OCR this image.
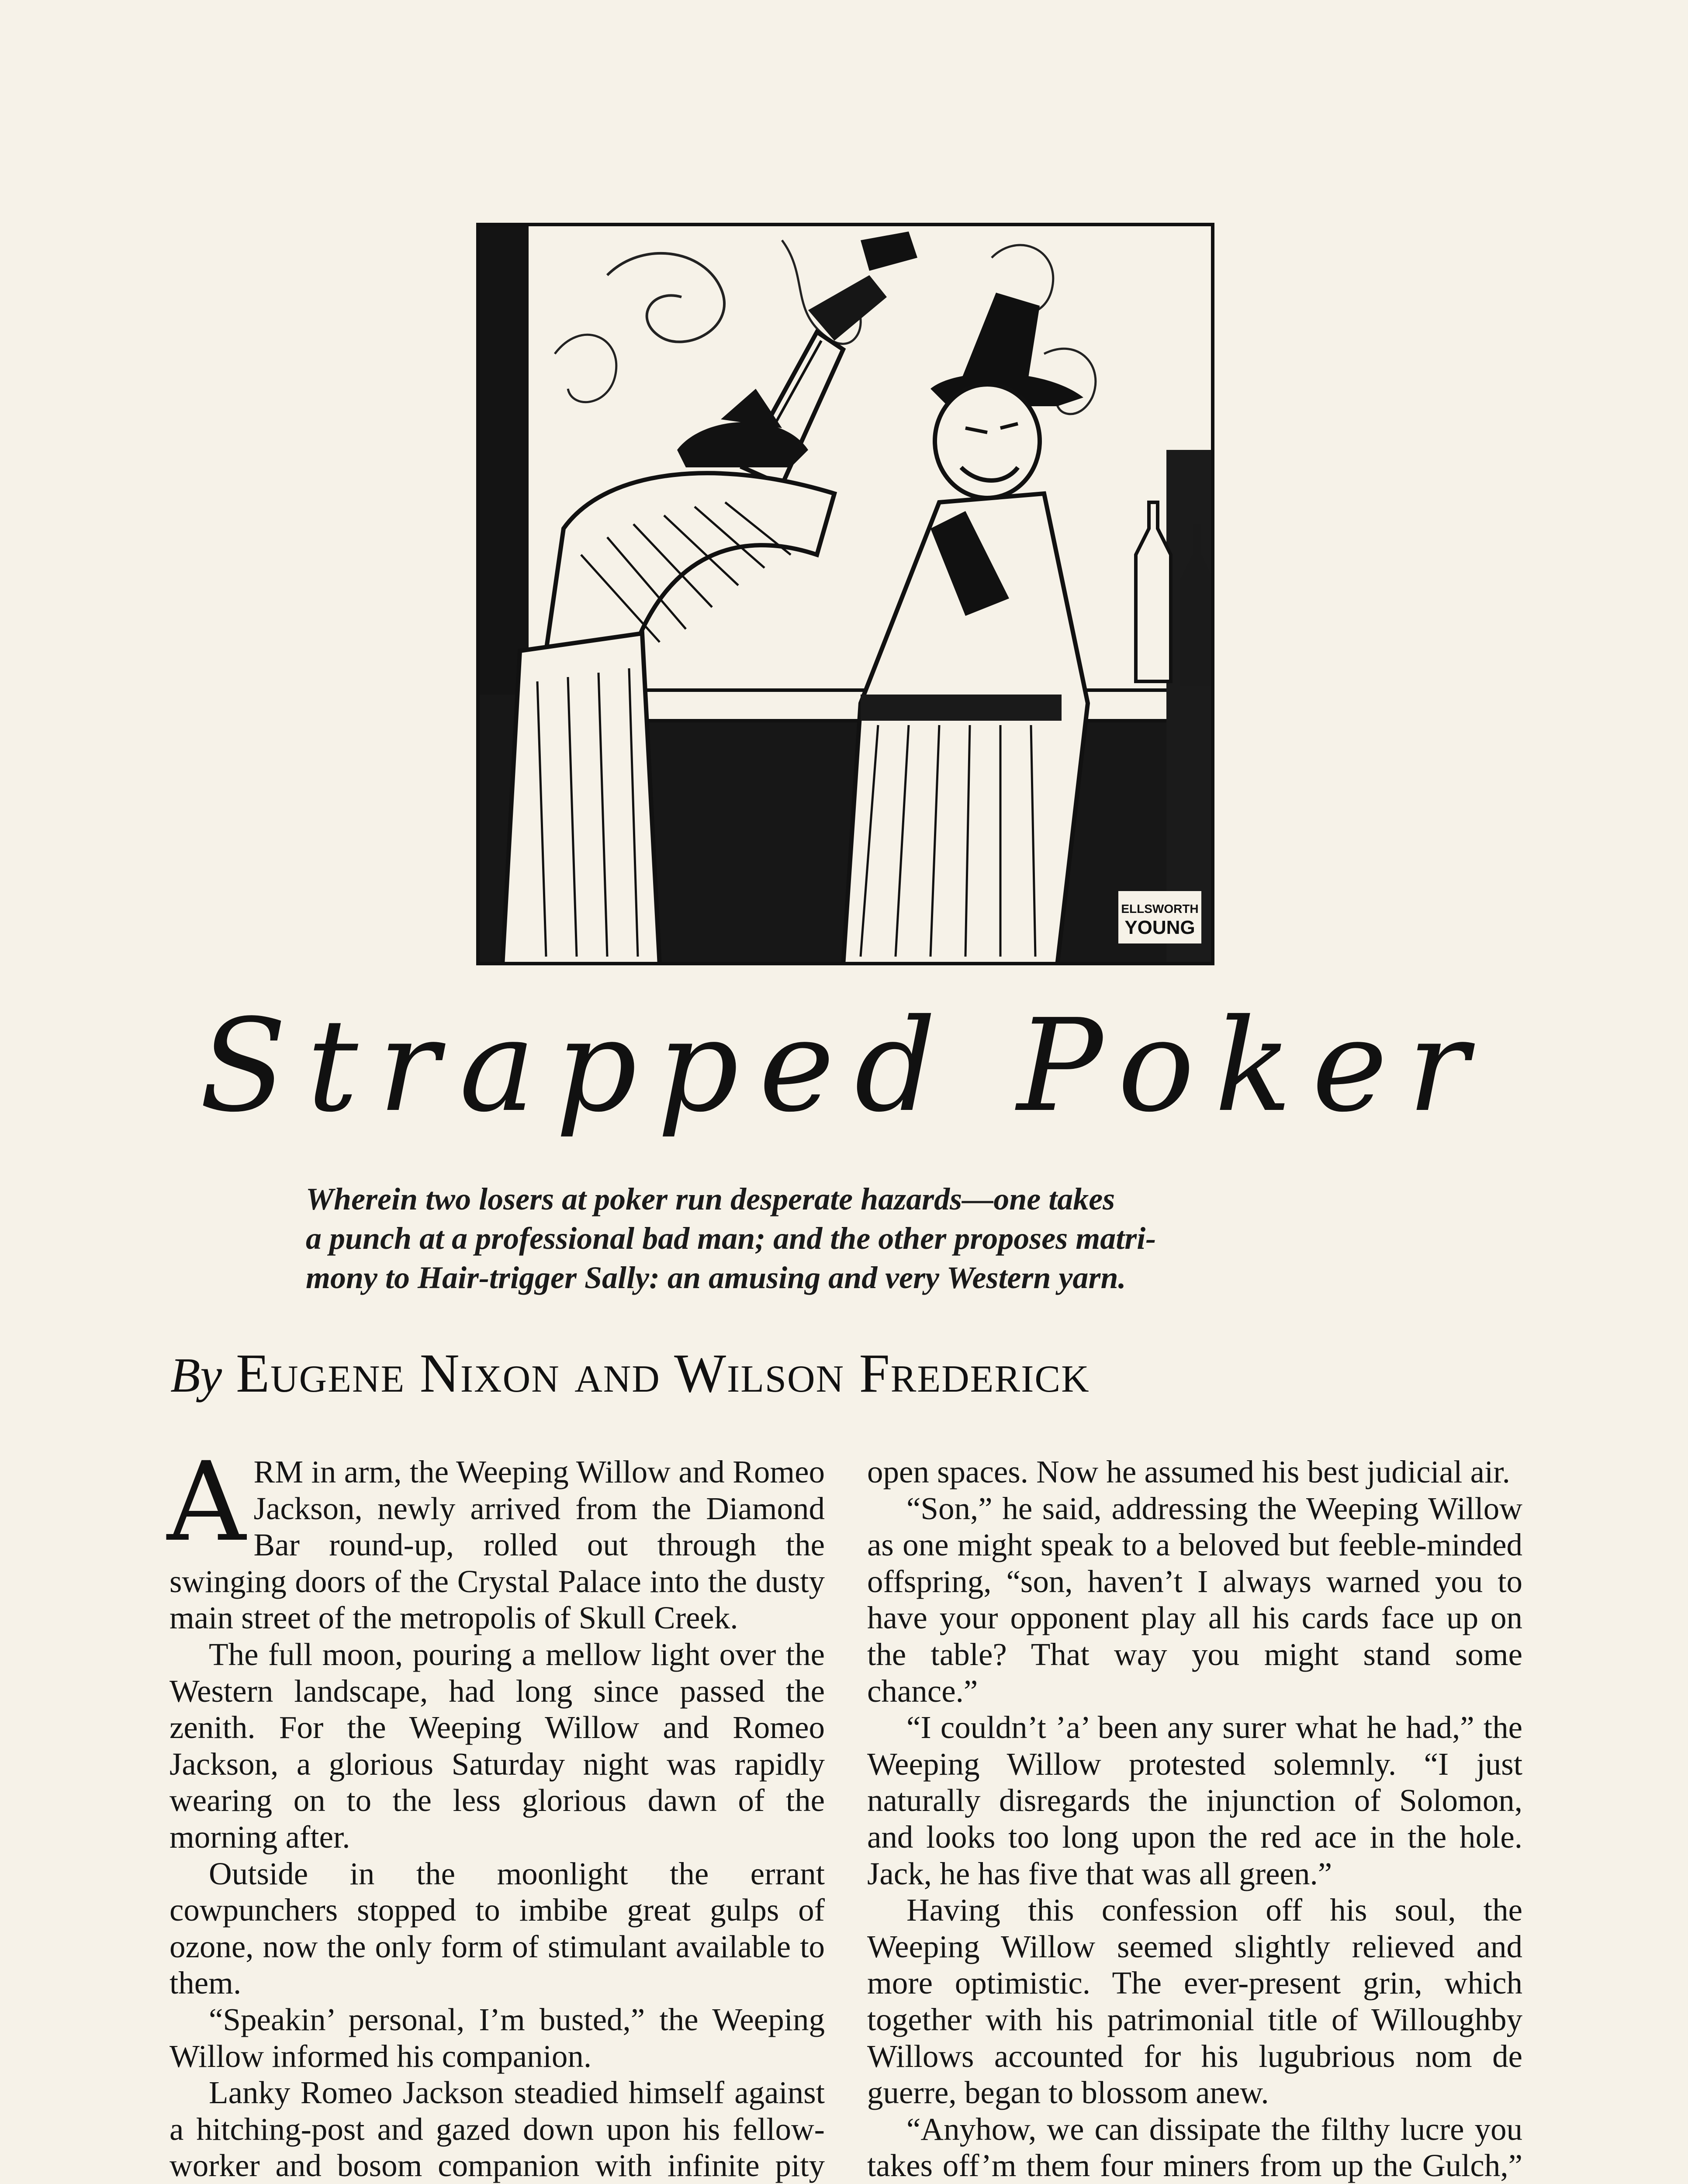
ELLSWORTH
YOUNG
Strapped Poker
Wherein two losers at poker run desperate hazards—one takes
a punch at a professional bad man; and the other proposes matri-
mony to Hair-trigger Sally: an amusing and very Western yarn.
By Eugene Nixon and Wilson Frederick

ARM in arm, the Weeping Willow and Romeo Jackson, newly arrived from the Diamond Bar round-up, rolled out through the swinging doors of the Crystal Palace into the dusty main street of the metropolis of Skull Creek.

The full moon, pouring a mellow light over the Western landscape, had long since passed the zenith. For the Weeping Willow and Romeo Jackson, a glorious Saturday night was rapidly wearing on to the less glorious dawn of the morning after.

Outside in the moonlight the errant cowpunchers stopped to imbibe great gulps of ozone, now the only form of stimulant available to them.

“Speakin’ personal, I’m busted,” the Weeping Willow informed his companion.

Lanky Romeo Jackson steadied himself against a hitching-post and gazed down upon his fellow-worker and bosom companion with infinite pity

open spaces. Now he assumed his best judicial air.

“Son,” he said, addressing the Weeping Willow as one might speak to a beloved but feeble-minded offspring, “son, haven’t I always warned you to have your opponent play all his cards face up on the table? That way you might stand some chance.”

“I couldn’t ’a’ been any surer what he had,” the Weeping Willow protested solemnly. “I just naturally disregards the injunction of Solomon, and looks too long upon the red ace in the hole. Jack, he has five that was all green.”

Having this confession off his soul, the Weeping Willow seemed slightly relieved and more optimistic. The ever-present grin, which together with his patrimonial title of Willoughby Willows accounted for his lugubrious nom de guerre, began to blossom anew.

“Anyhow, we can dissipate the filthy lucre you takes off’m them four miners from up the Gulch,”
